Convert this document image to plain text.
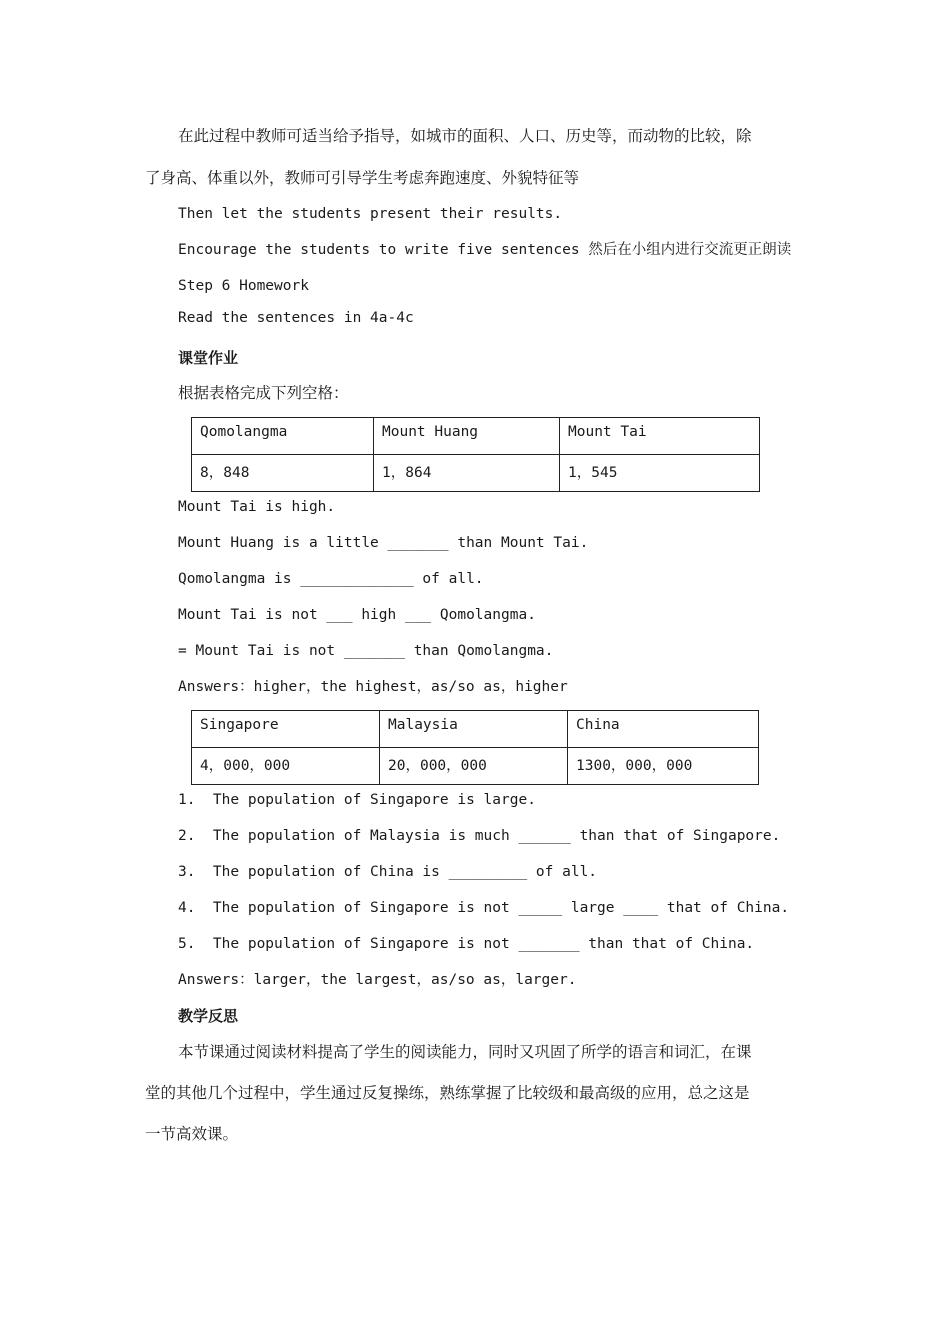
在此过程中教师可适当给予指导，如城市的面积、人口、历史等，而动物的比较，除
了身高、体重以外，教师可引导学生考虑奔跑速度、外貌特征等
Then let the students present their results.
Encourage the students to write five sentences 然后在小组内进行交流更正朗读
Step 6 Homework
Read the sentences in 4a-4c
课堂作业
根据表格完成下列空格：
Qomolangma	Mount Huang	Mount Tai
8，848	1，864	1，545
Mount Tai is high.
Mount Huang is a little _______ than Mount Tai.
Qomolangma is _____________ of all.
Mount Tai is not ___ high ___ Qomolangma.
= Mount Tai is not _______ than Qomolangma.
Answers：higher，the highest，as/so as，higher
Singapore	Malaysia	China
4，000，000	20，000，000	1300，000，000
1.  The population of Singapore is large.
2.  The population of Malaysia is much ______ than that of Singapore.
3.  The population of China is _________ of all.
4.  The population of Singapore is not _____ large ____ that of China.
5.  The population of Singapore is not _______ than that of China.
Answers：larger，the largest，as/so as，larger.
教学反思
本节课通过阅读材料提高了学生的阅读能力，同时又巩固了所学的语言和词汇，在课
堂的其他几个过程中，学生通过反复操练，熟练掌握了比较级和最高级的应用，总之这是
一节高效课。
